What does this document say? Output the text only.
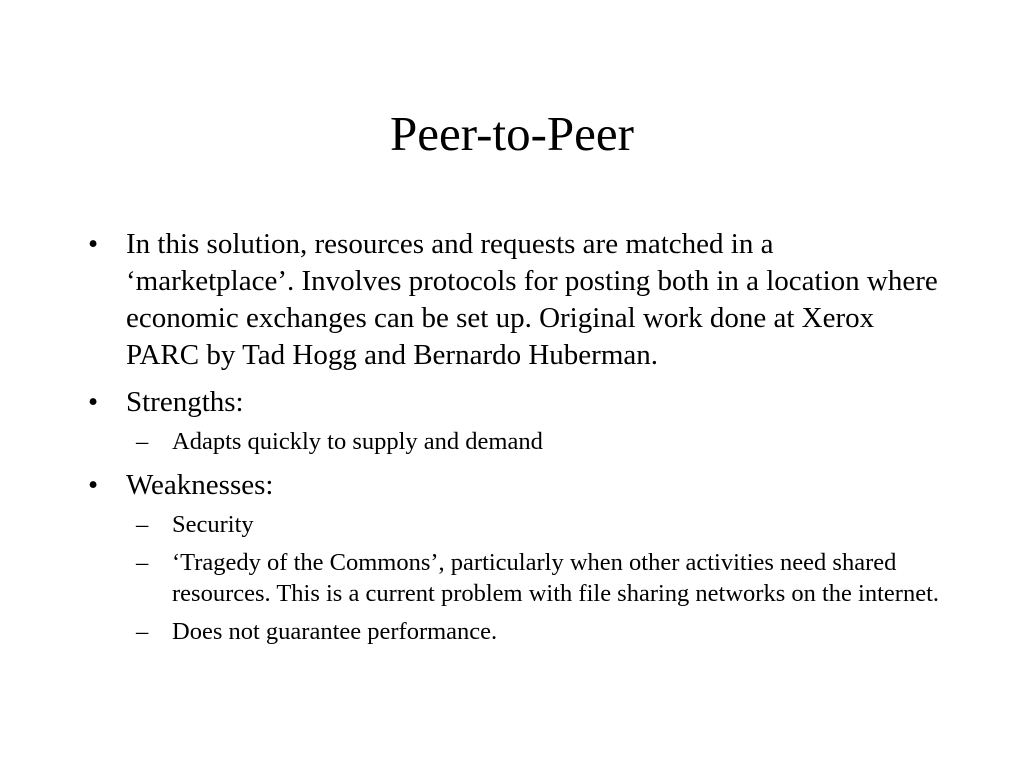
Peer-to-Peer

• In this solution, resources and requests are matched in a ‘marketplace’. Involves protocols for posting both in a location where economic exchanges can be set up. Original work done at Xerox PARC by Tad Hogg and Bernardo Huberman.

• Strengths:

– Adapts quickly to supply and demand

• Weaknesses:

– Security

– ‘Tragedy of the Commons’, particularly when other activities need shared resources. This is a current problem with file sharing networks on the internet.

– Does not guarantee performance.
